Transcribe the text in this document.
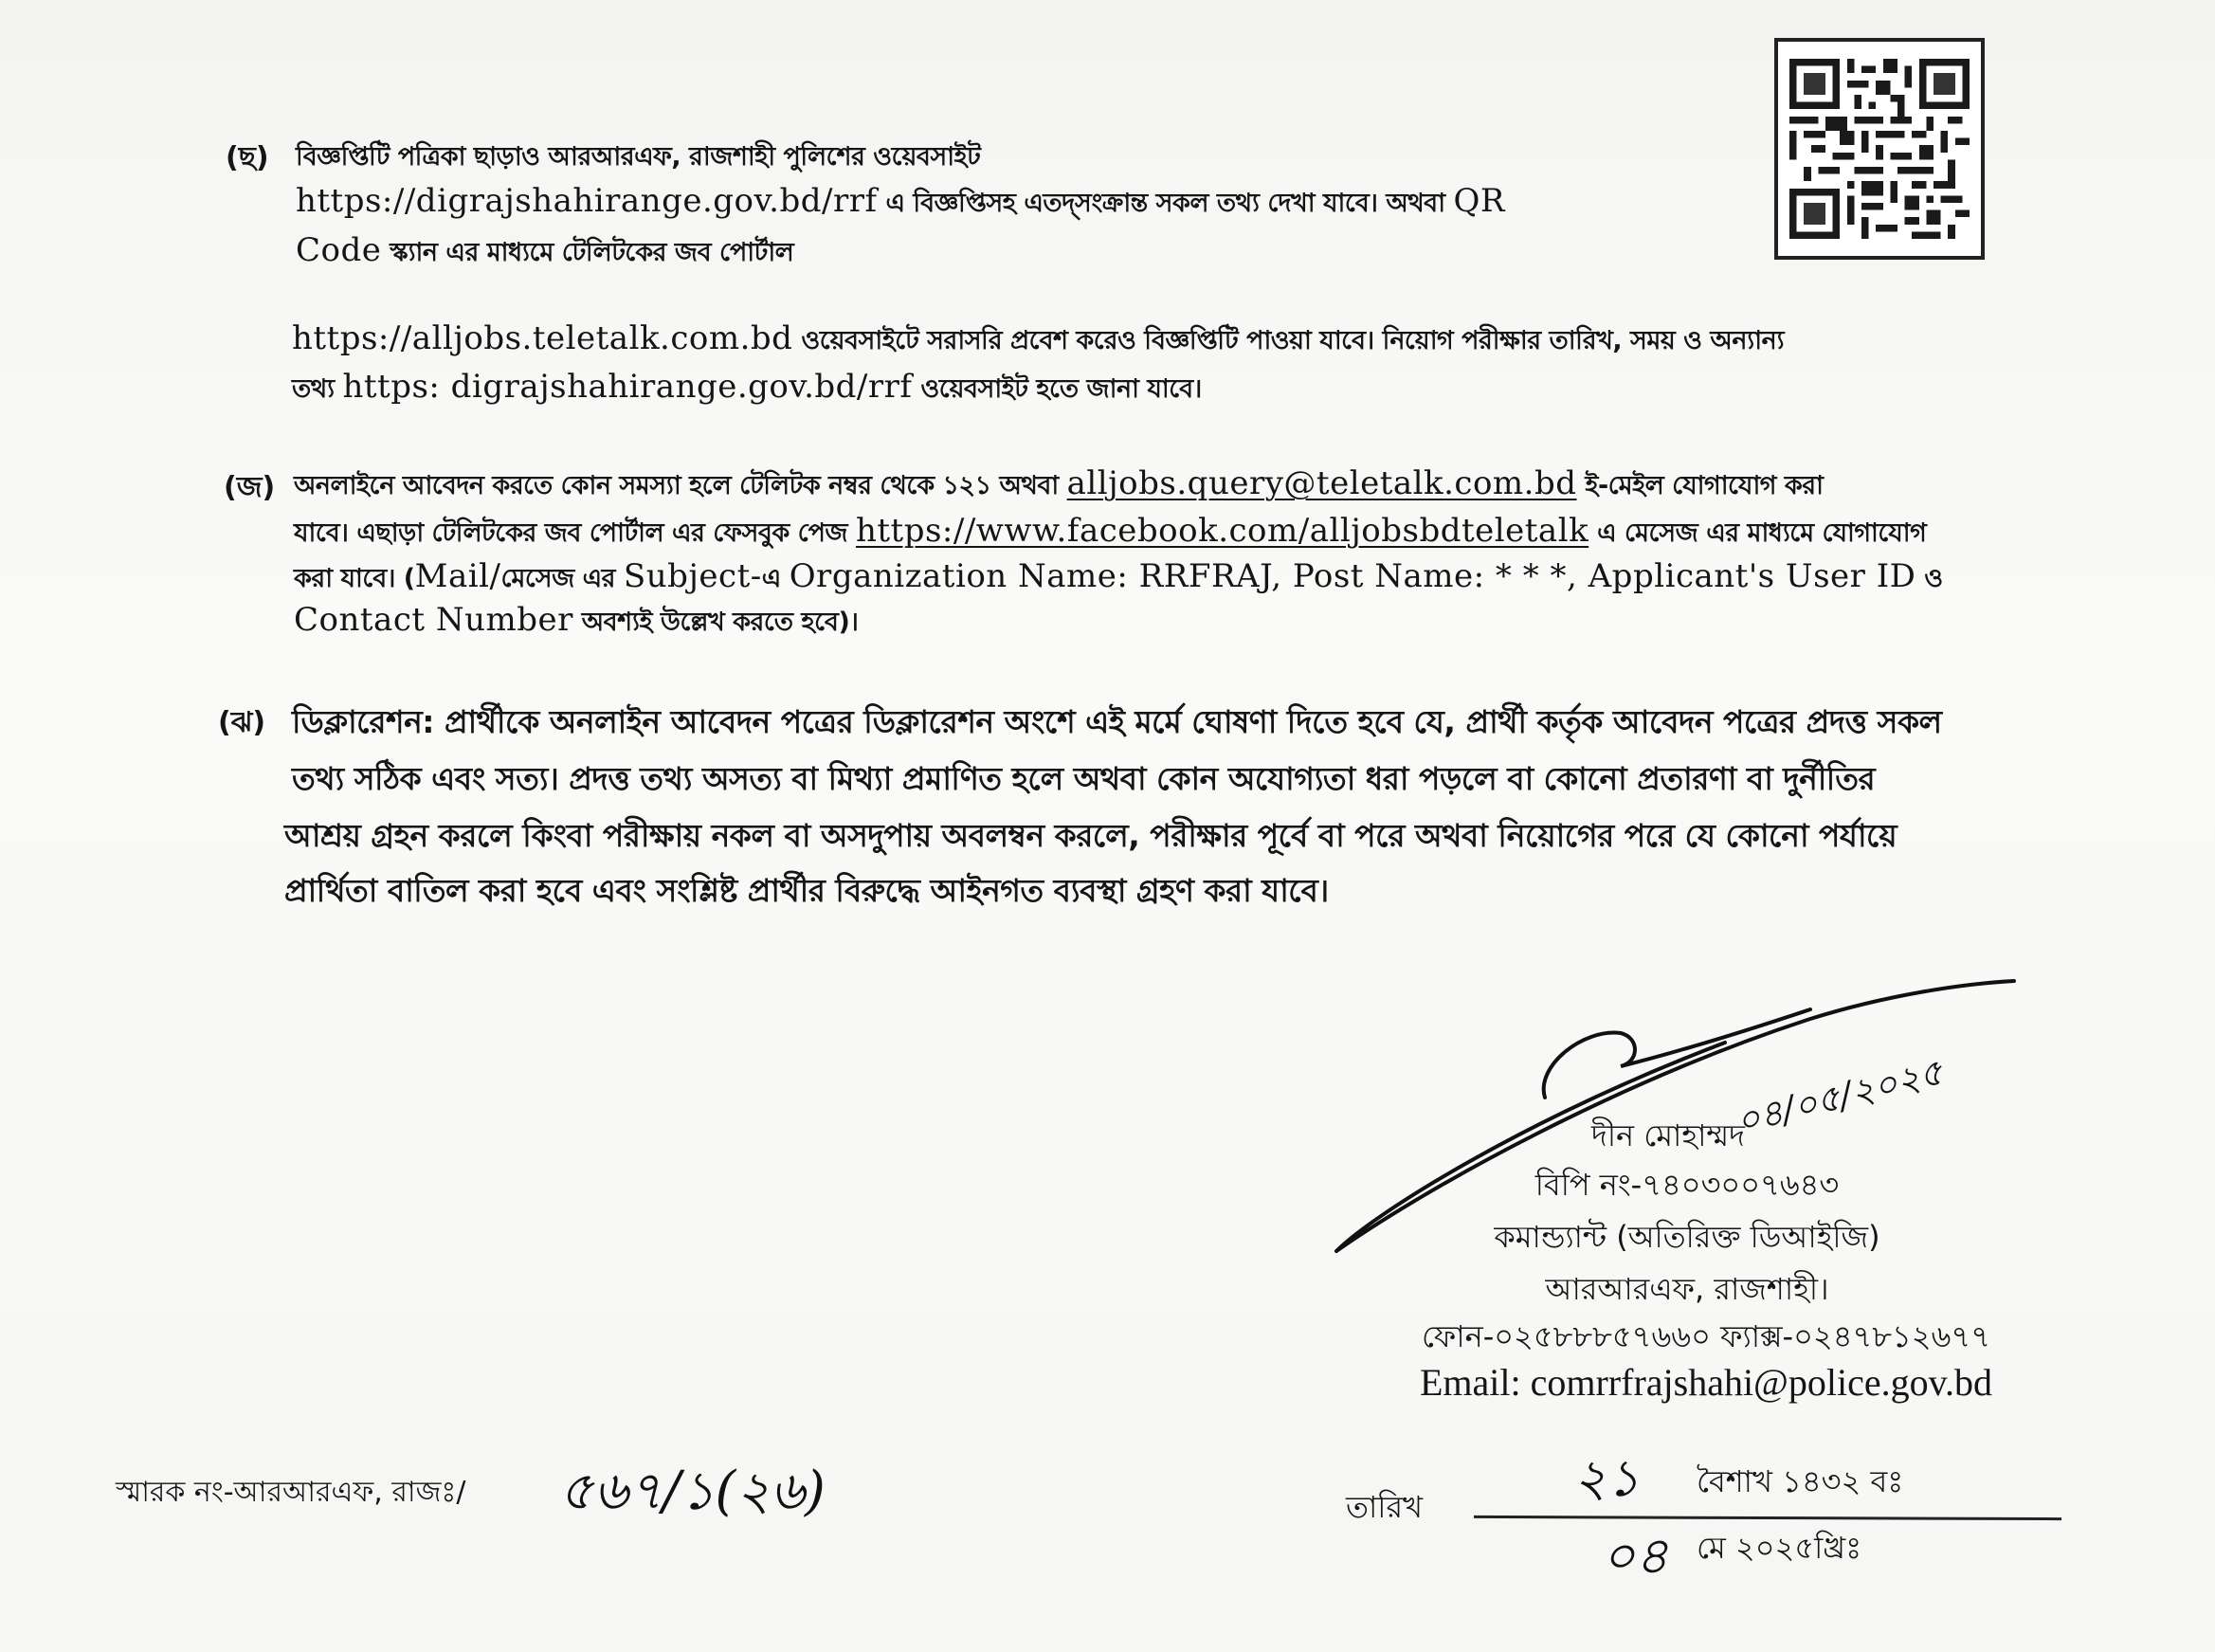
(ছ) বিজ্ঞপ্তিটি পত্রিকা ছাড়াও আরআরএফ, রাজশাহী পুলিশের ওয়েবসাইট
https://digrajshahirange.gov.bd/rrf এ বিজ্ঞপ্তিসহ এতদ্সংক্রান্ত সকল তথ্য দেখা যাবে। অথবা QR
Code স্ক্যান এর মাধ্যমে টেলিটকের জব পোর্টাল
https://alljobs.teletalk.com.bd ওয়েবসাইটে সরাসরি প্রবেশ করেও বিজ্ঞপ্তিটি পাওয়া যাবে। নিয়োগ পরীক্ষার তারিখ, সময় ও অন্যান্য
তথ্য https: digrajshahirange.gov.bd/rrf ওয়েবসাইট হতে জানা যাবে।
(জ) অনলাইনে আবেদন করতে কোন সমস্যা হলে টেলিটক নম্বর থেকে ১২১ অথবা alljobs.query@teletalk.com.bd ই-মেইল যোগাযোগ করা
যাবে। এছাড়া টেলিটকের জব পোর্টাল এর ফেসবুক পেজ https://www.facebook.com/alljobsbdteletalk এ মেসেজ এর মাধ্যমে যোগাযোগ
করা যাবে। (Mail/মেসেজ এর Subject-এ Organization Name: RRFRAJ, Post Name: * * *, Applicant's User ID ও
Contact Number অবশ্যই উল্লেখ করতে হবে)।
(ঝ) ডিক্লারেশন: প্রার্থীকে অনলাইন আবেদন পত্রের ডিক্লারেশন অংশে এই মর্মে ঘোষণা দিতে হবে যে, প্রার্থী কর্তৃক আবেদন পত্রের প্রদত্ত সকল
তথ্য সঠিক এবং সত্য। প্রদত্ত তথ্য অসত্য বা মিথ্যা প্রমাণিত হলে অথবা কোন অযোগ্যতা ধরা পড়লে বা কোনো প্রতারণা বা দুর্নীতির
আশ্রয় গ্রহন করলে কিংবা পরীক্ষায় নকল বা অসদুপায় অবলম্বন করলে, পরীক্ষার পূর্বে বা পরে অথবা নিয়োগের পরে যে কোনো পর্যায়ে
প্রার্থিতা বাতিল করা হবে এবং সংশ্লিষ্ট প্রার্থীর বিরুদ্ধে আইনগত ব্যবস্থা গ্রহণ করা যাবে।
০৪/০৫/২০২৫
দীন মোহাম্মদ
বিপি নং-৭৪০৩০০৭৬৪৩
কমান্ড্যান্ট (অতিরিক্ত ডিআইজি)
আরআরএফ, রাজশাহী।
ফোন-০২৫৮৮৮৫৭৬৬০ ফ্যাক্স-০২৪৭৮১২৬৭৭
Email: comrrfrajshahi@police.gov.bd
স্মারক নং-আরআরএফ, রাজঃ/ ৫৬৭/১(২৬)	তারিখ	২১ বৈশাখ ১৪৩২ বঃ
০৪ মে ২০২৫খ্রিঃ
